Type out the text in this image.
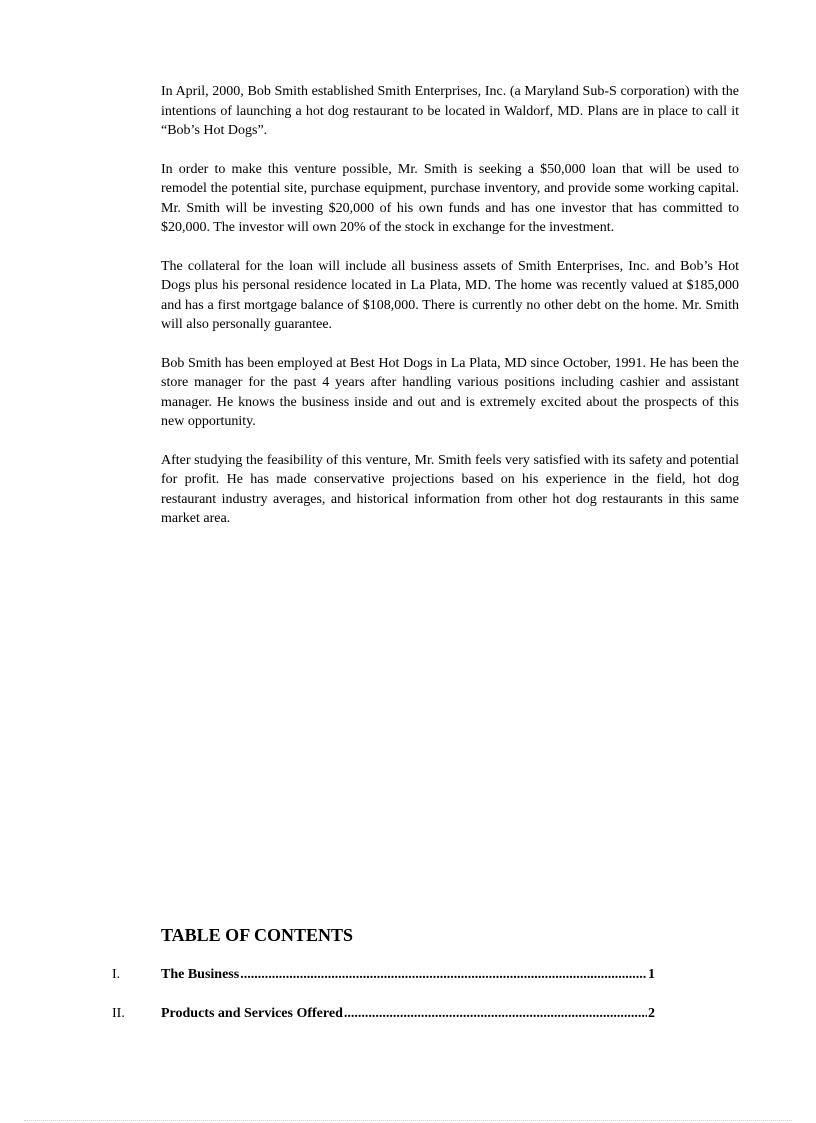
In April, 2000, Bob Smith established Smith Enterprises, Inc. (a Maryland Sub-S corporation) with the intentions of launching a hot dog restaurant to be located in Waldorf, MD. Plans are in place to call it “Bob’s Hot Dogs”.

In order to make this venture possible, Mr. Smith is seeking a $50,000 loan that will be used to remodel the potential site, purchase equipment, purchase inventory, and provide some working capital. Mr. Smith will be investing $20,000 of his own funds and has one investor that has committed to $20,000. The investor will own 20% of the stock in exchange for the investment.

The collateral for the loan will include all business assets of Smith Enterprises, Inc. and Bob’s Hot Dogs plus his personal residence located in La Plata, MD. The home was recently valued at $185,000 and has a first mortgage balance of $108,000. There is currently no other debt on the home. Mr. Smith will also personally guarantee.

Bob Smith has been employed at Best Hot Dogs in La Plata, MD since October, 1991. He has been the store manager for the past 4 years after handling various positions including cashier and assistant manager. He knows the business inside and out and is extremely excited about the prospects of this new opportunity.

After studying the feasibility of this venture, Mr. Smith feels very satisfied with its safety and potential for profit. He has made conservative projections based on his experience in the field, hot dog restaurant industry averages, and historical information from other hot dog restaurants in this same market area.

TABLE OF CONTENTS
I.	The Business .....	1
II.	Products and Services Offered .....	2
